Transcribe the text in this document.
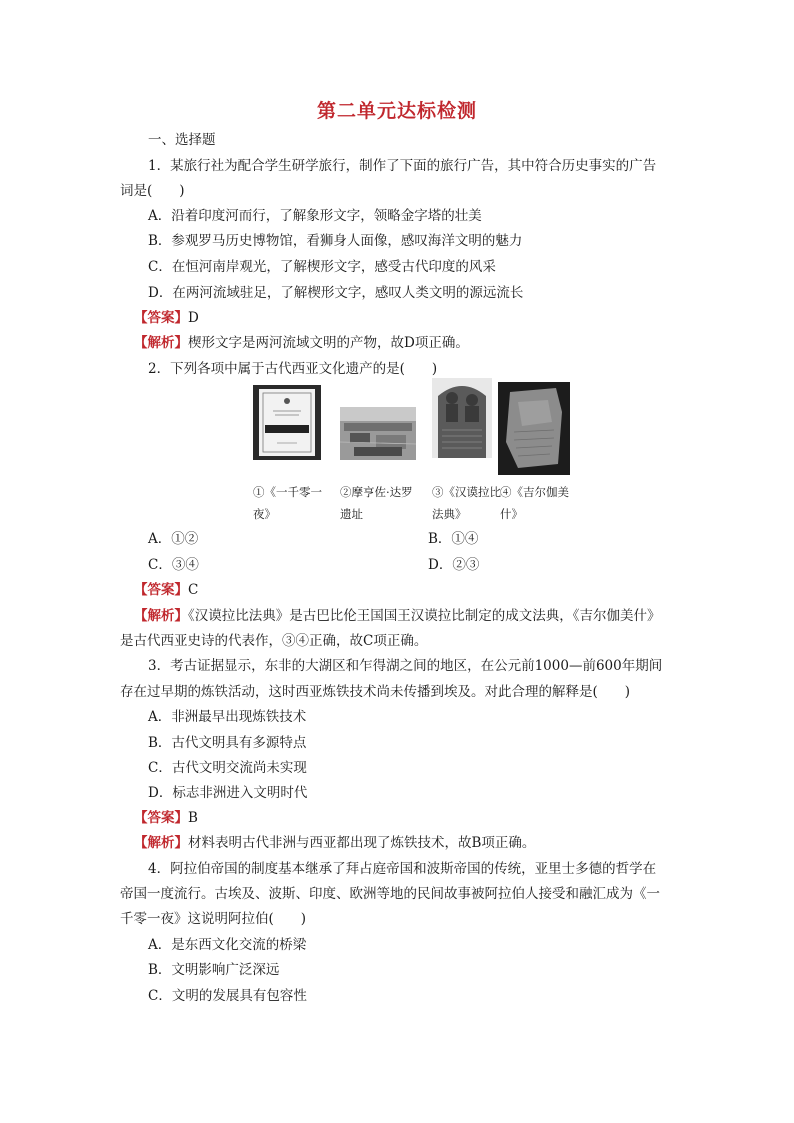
第二单元达标检测
一、选择题
1．某旅行社为配合学生研学旅行，制作了下面的旅行广告，其中符合历史事实的广告
词是(　　)
A．沿着印度河而行，了解象形文字，领略金字塔的壮美
B．参观罗马历史博物馆，看狮身人面像，感叹海洋文明的魅力
C．在恒河南岸观光，了解楔形文字，感受古代印度的风采
D．在两河流域驻足，了解楔形文字，感叹人类文明的源远流长
【答案】D
【解析】楔形文字是两河流域文明的产物，故D项正确。
2．下列各项中属于古代西亚文化遗产的是(　　)
①《一千零一夜》
②摩亨佐·达罗遗址
③《汉谟拉比法典》
④《吉尔伽美什》
A．①②	B．①④
C．③④	D．②③
【答案】C
【解析】《汉谟拉比法典》是古巴比伦王国国王汉谟拉比制定的成文法典，《吉尔伽美什》
是古代西亚史诗的代表作，③④正确，故C项正确。
3．考古证据显示，东非的大湖区和乍得湖之间的地区，在公元前1000—前600年期间
存在过早期的炼铁活动，这时西亚炼铁技术尚未传播到埃及。对此合理的解释是(　　)
A．非洲最早出现炼铁技术
B．古代文明具有多源特点
C．古代文明交流尚未实现
D．标志非洲进入文明时代
【答案】B
【解析】材料表明古代非洲与西亚都出现了炼铁技术，故B项正确。
4．阿拉伯帝国的制度基本继承了拜占庭帝国和波斯帝国的传统，亚里士多德的哲学在
帝国一度流行。古埃及、波斯、印度、欧洲等地的民间故事被阿拉伯人接受和融汇成为《一
千零一夜》这说明阿拉伯(　　)
A．是东西文化交流的桥梁
B．文明影响广泛深远
C．文明的发展具有包容性
